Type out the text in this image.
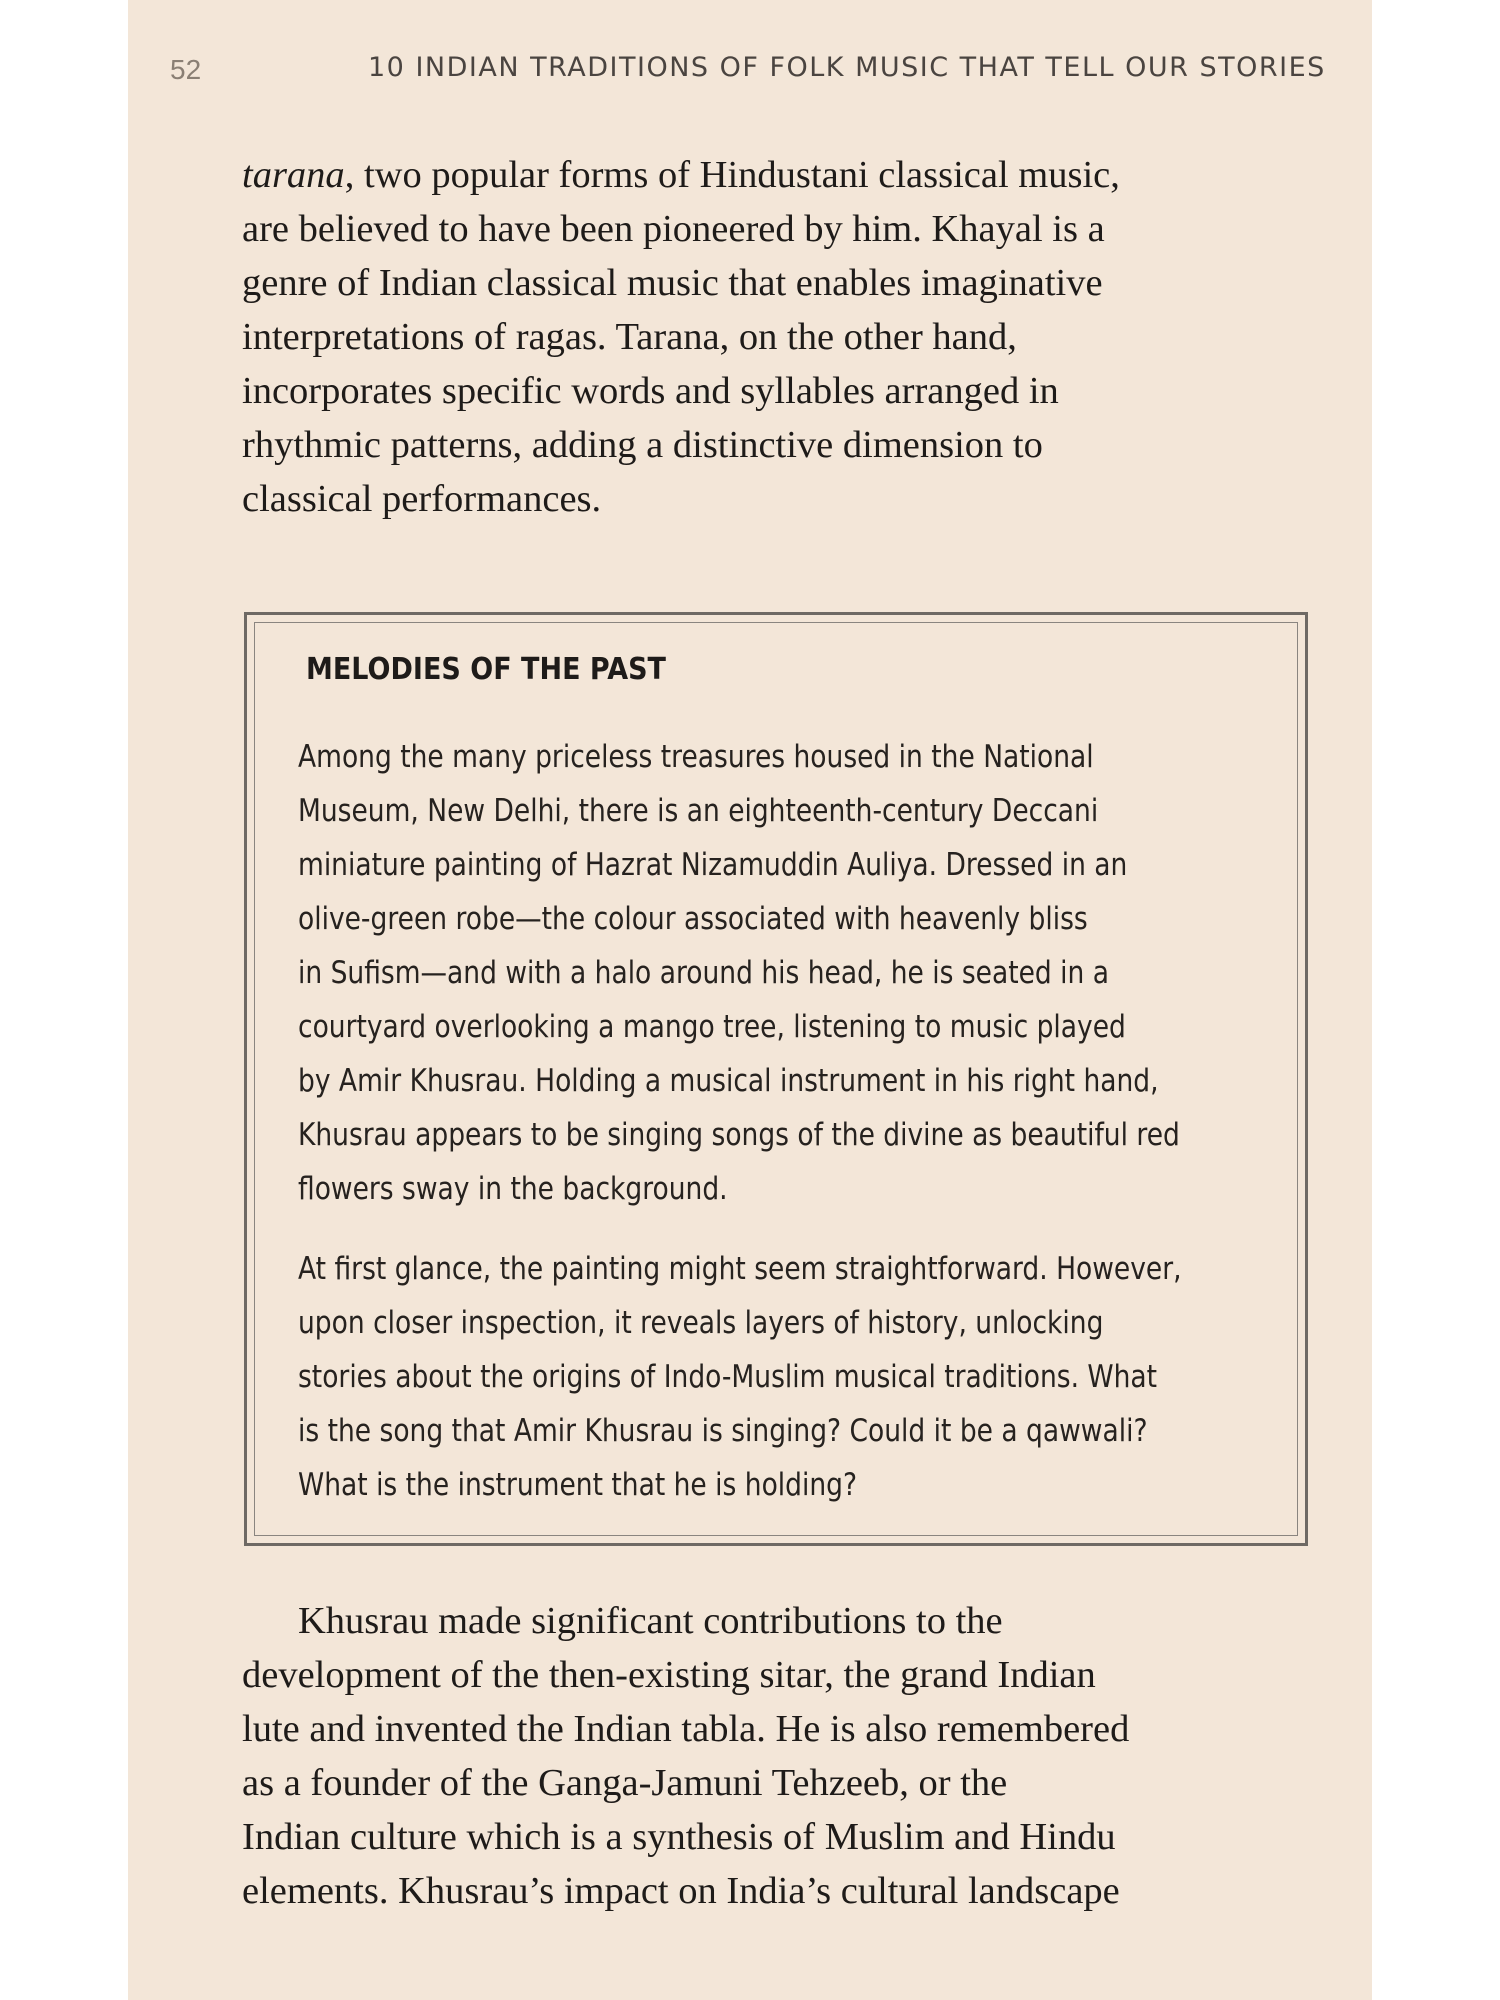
52	10 INDIAN TRADITIONS OF FOLK MUSIC THAT TELL OUR STORIES

tarana, two popular forms of Hindustani classical music,
are believed to have been pioneered by him. Khayal is a
genre of Indian classical music that enables imaginative
interpretations of ragas. Tarana, on the other hand,
incorporates specific words and syllables arranged in
rhythmic patterns, adding a distinctive dimension to
classical performances.

MELODIES OF THE PAST
Among the many priceless treasures housed in the National
Museum, New Delhi, there is an eighteenth-century Deccani
miniature painting of Hazrat Nizamuddin Auliya. Dressed in an
olive-green robe—the colour associated with heavenly bliss
in Sufism—and with a halo around his head, he is seated in a
courtyard overlooking a mango tree, listening to music played
by Amir Khusrau. Holding a musical instrument in his right hand,
Khusrau appears to be singing songs of the divine as beautiful red
flowers sway in the background.
At first glance, the painting might seem straightforward. However,
upon closer inspection, it reveals layers of history, unlocking
stories about the origins of Indo-Muslim musical traditions. What
is the song that Amir Khusrau is singing? Could it be a qawwali?
What is the instrument that he is holding?

Khusrau made significant contributions to the
development of the then-existing sitar, the grand Indian
lute and invented the Indian tabla. He is also remembered
as a founder of the Ganga-Jamuni Tehzeeb, or the
Indian culture which is a synthesis of Muslim and Hindu
elements. Khusrau’s impact on India’s cultural landscape
